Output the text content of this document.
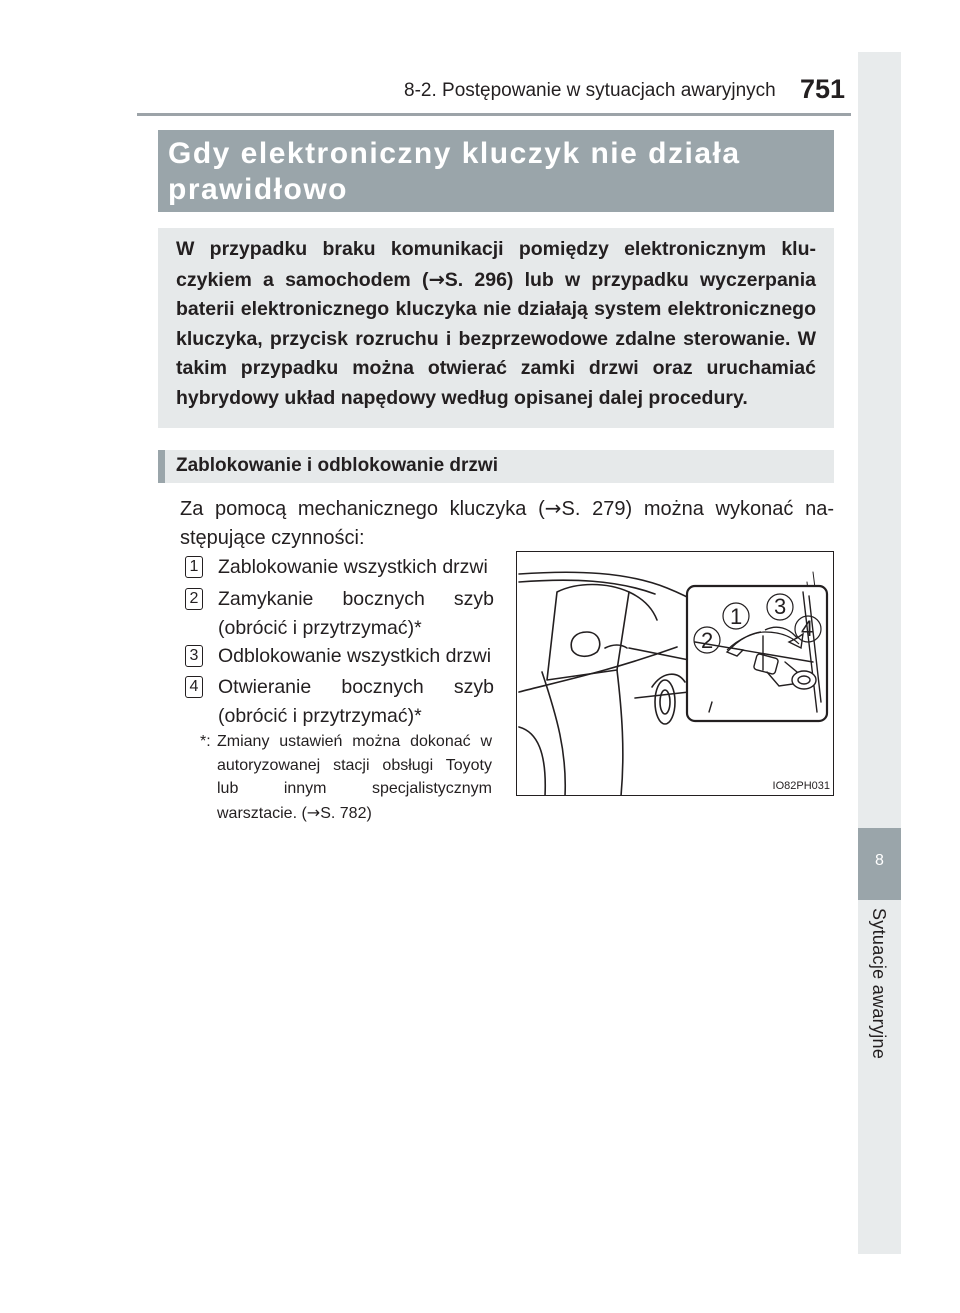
8-2. Postępowanie w sytuacjach awaryjnych 751
8
Sytuacje awaryjne
Gdy elektroniczny kluczyk nie działa prawidłowo

W przypadku braku komunikacji pomiędzy elektronicznym kluczykiem a samochodem (→S. 296) lub w przypadku wyczerpania baterii elektronicznego kluczyka nie działają system elektronicznego kluczyka, przycisk rozruchu i bezprzewodowe zdalne sterowanie. W takim przypadku można otwierać zamki drzwi oraz uruchamiać hybrydowy układ napędowy według opisanej dalej procedury.

Zablokowanie i odblokowanie drzwi

Za pomocą mechanicznego kluczyka (→S. 279) można wykonać następujące czynności:

1 Zablokowanie wszystkich drzwi
2 Zamykanie bocznych szyb (obrócić i przytrzymać)*
3 Odblokowanie wszystkich drzwi
4 Otwieranie bocznych szyb (obrócić i przytrzymać)*
*: Zmiany ustawień można dokonać w autoryzowanej stacji obsługi Toyoty lub innym specjalistycznym warsztacie. (→S. 782)
1 3
2	4
IO82PH031
